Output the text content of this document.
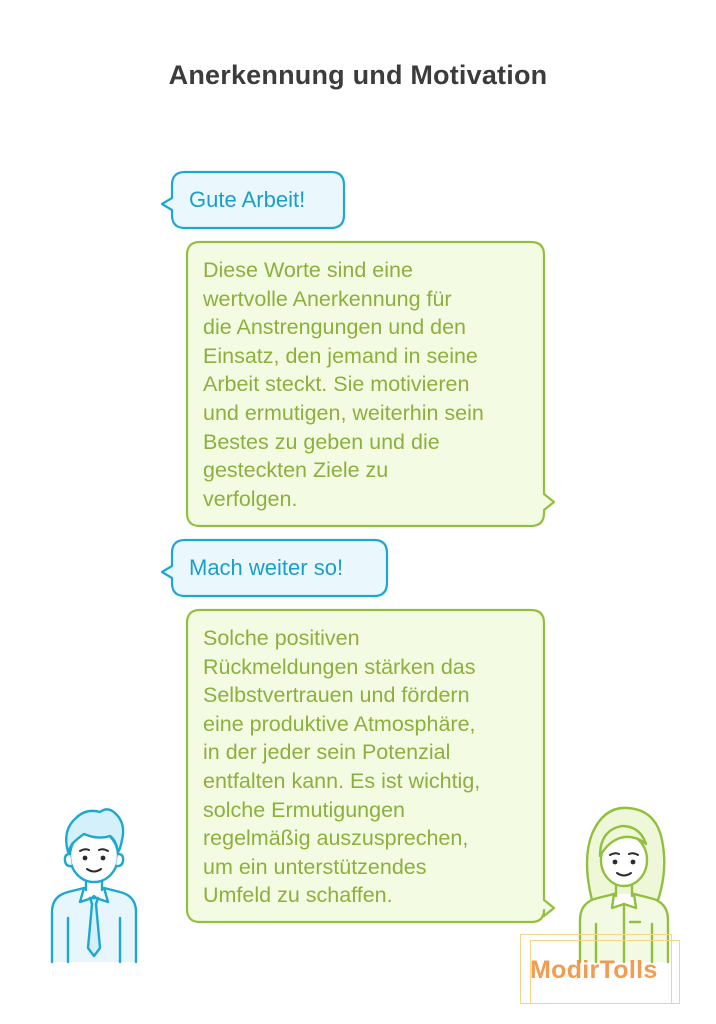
Anerkennung und Motivation
Gute Arbeit!
Diese Worte sind eine
wertvolle Anerkennung für
die Anstrengungen und den
Einsatz, den jemand in seine
Arbeit steckt. Sie motivieren
und ermutigen, weiterhin sein
Bestes zu geben und die
gesteckten Ziele zu
verfolgen.
Mach weiter so!
Solche positiven
Rückmeldungen stärken das
Selbstvertrauen und fördern
eine produktive Atmosphäre,
in der jeder sein Potenzial
entfalten kann. Es ist wichtig,
solche Ermutigungen
regelmäßig auszusprechen,
um ein unterstützendes
Umfeld zu schaffen.
ModirTolls
